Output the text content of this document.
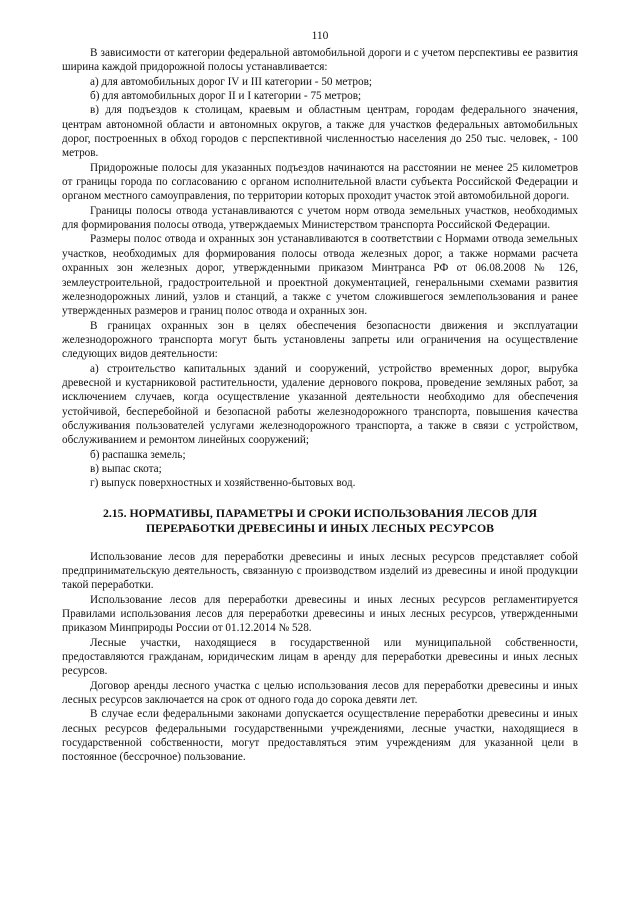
110

В зависимости от категории федеральной автомобильной дороги и с учетом перспективы ее развития ширина каждой придорожной полосы устанавливается:

а) для автомобильных дорог IV и III категории - 50 метров;

б) для автомобильных дорог II и I категории - 75 метров;

в) для подъездов к столицам, краевым и областным центрам, городам федерального значения, центрам автономной области и автономных округов, а также для участков федеральных автомобильных дорог, построенных в обход городов с перспективной численностью населения до 250 тыс. человек, - 100 метров.

Придорожные полосы для указанных подъездов начинаются на расстоянии не менее 25 километров от границы города по согласованию с органом исполнительной власти субъекта Российской Федерации и органом местного самоуправления, по территории которых проходит участок этой автомобильной дороги.

Границы полосы отвода устанавливаются с учетом норм отвода земельных участков, необходимых для формирования полосы отвода, утверждаемых Министерством транспорта Российской Федерации.

Размеры полос отвода и охранных зон устанавливаются в соответствии с Нормами отвода земельных участков, необходимых для формирования полосы отвода железных дорог, а также нормами расчета охранных зон железных дорог, утвержденными приказом Минтранса РФ от 06.08.2008 № 126, землеустроительной, градостроительной и проектной документацией, генеральными схемами развития железнодорожных линий, узлов и станций, а также с учетом сложившегося землепользования и ранее утвержденных размеров и границ полос отвода и охранных зон.

В границах охранных зон в целях обеспечения безопасности движения и эксплуатации железнодорожного транспорта могут быть установлены запреты или ограничения на осуществление следующих видов деятельности:

а) строительство капитальных зданий и сооружений, устройство временных дорог, вырубка древесной и кустарниковой растительности, удаление дернового покрова, проведение земляных работ, за исключением случаев, когда осуществление указанной деятельности необходимо для обеспечения устойчивой, бесперебойной и безопасной работы железнодорожного транспорта, повышения качества обслуживания пользователей услугами железнодорожного транспорта, а также в связи с устройством, обслуживанием и ремонтом линейных сооружений;

б) распашка земель;

в) выпас скота;

г) выпуск поверхностных и хозяйственно-бытовых вод.

2.15. НОРМАТИВЫ, ПАРАМЕТРЫ И СРОКИ ИСПОЛЬЗОВАНИЯ ЛЕСОВ ДЛЯ ПЕРЕРАБОТКИ ДРЕВЕСИНЫ И ИНЫХ ЛЕСНЫХ РЕСУРСОВ

Использование лесов для переработки древесины и иных лесных ресурсов представляет собой предпринимательскую деятельность, связанную с производством изделий из древесины и иной продукции такой переработки.

Использование лесов для переработки древесины и иных лесных ресурсов регламентируется Правилами использования лесов для переработки древесины и иных лесных ресурсов, утвержденными приказом Минприроды России от 01.12.2014 № 528.

Лесные участки, находящиеся в государственной или муниципальной собственности, предоставляются гражданам, юридическим лицам в аренду для переработки древесины и иных лесных ресурсов.

Договор аренды лесного участка с целью использования лесов для переработки древесины и иных лесных ресурсов заключается на срок от одного года до сорока девяти лет.

В случае если федеральными законами допускается осуществление переработки древесины и иных лесных ресурсов федеральными государственными учреждениями, лесные участки, находящиеся в государственной собственности, могут предоставляться этим учреждениям для указанной цели в постоянное (бессрочное) пользование.
